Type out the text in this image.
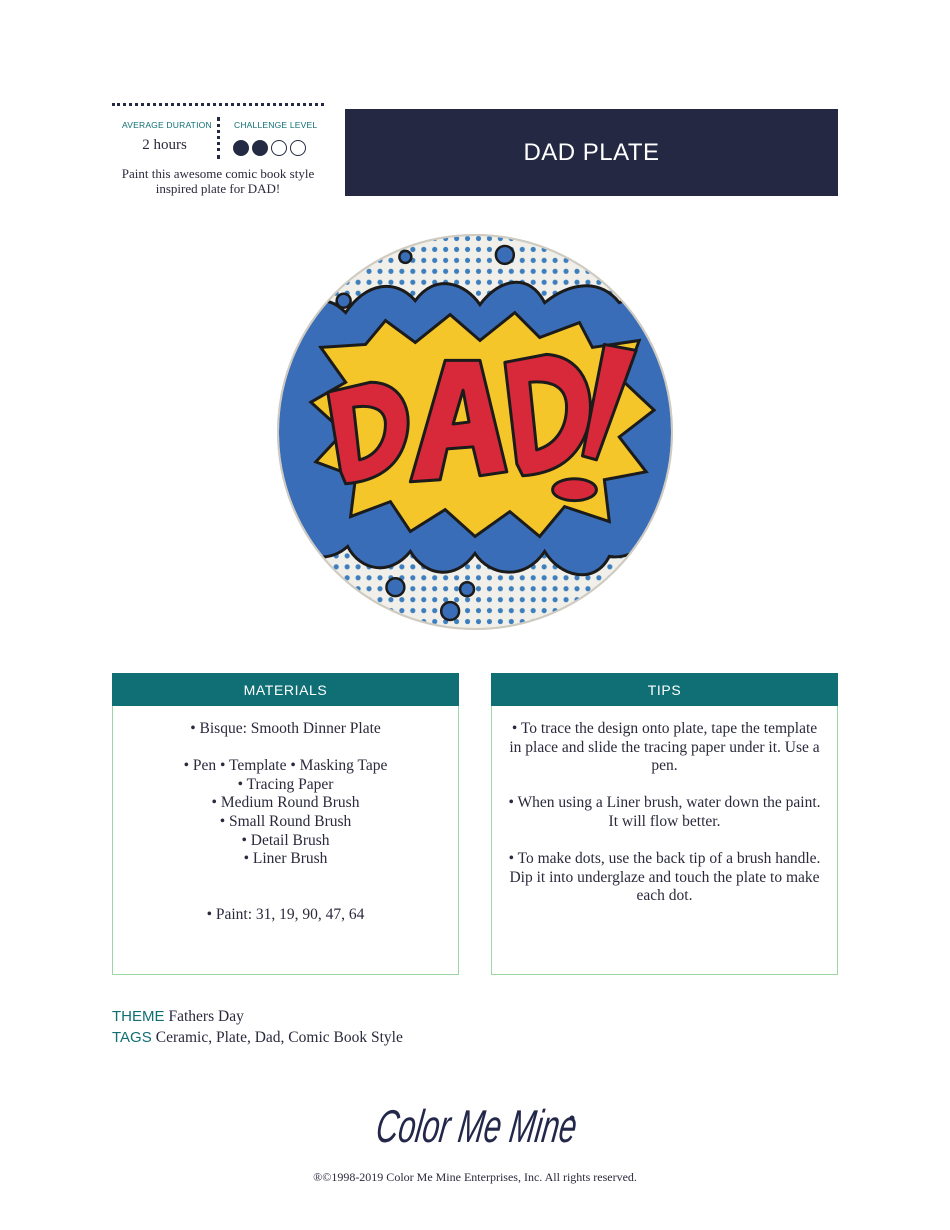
AVERAGE DURATION	CHALLENGE LEVEL
2 hours
Paint this awesome comic book style inspired plate for DAD!
DAD PLATE
MATERIALS
• Bisque: Smooth Dinner Plate
• Pen • Template • Masking Tape
• Tracing Paper
• Medium Round Brush
• Small Round Brush
• Detail Brush
• Liner Brush
• Paint: 31, 19, 90, 47, 64
TIPS
• To trace the design onto plate, tape the template in place and slide the tracing paper under it. Use a pen.
• When using a Liner brush, water down the paint. It will flow better.
• To make dots, use the back tip of a brush handle. Dip it into underglaze and touch the plate to make each dot.
THEME Fathers Day
TAGS Ceramic, Plate, Dad, Comic Book Style
Color Me Mine
®©1998-2019 Color Me Mine Enterprises, Inc. All rights reserved.
